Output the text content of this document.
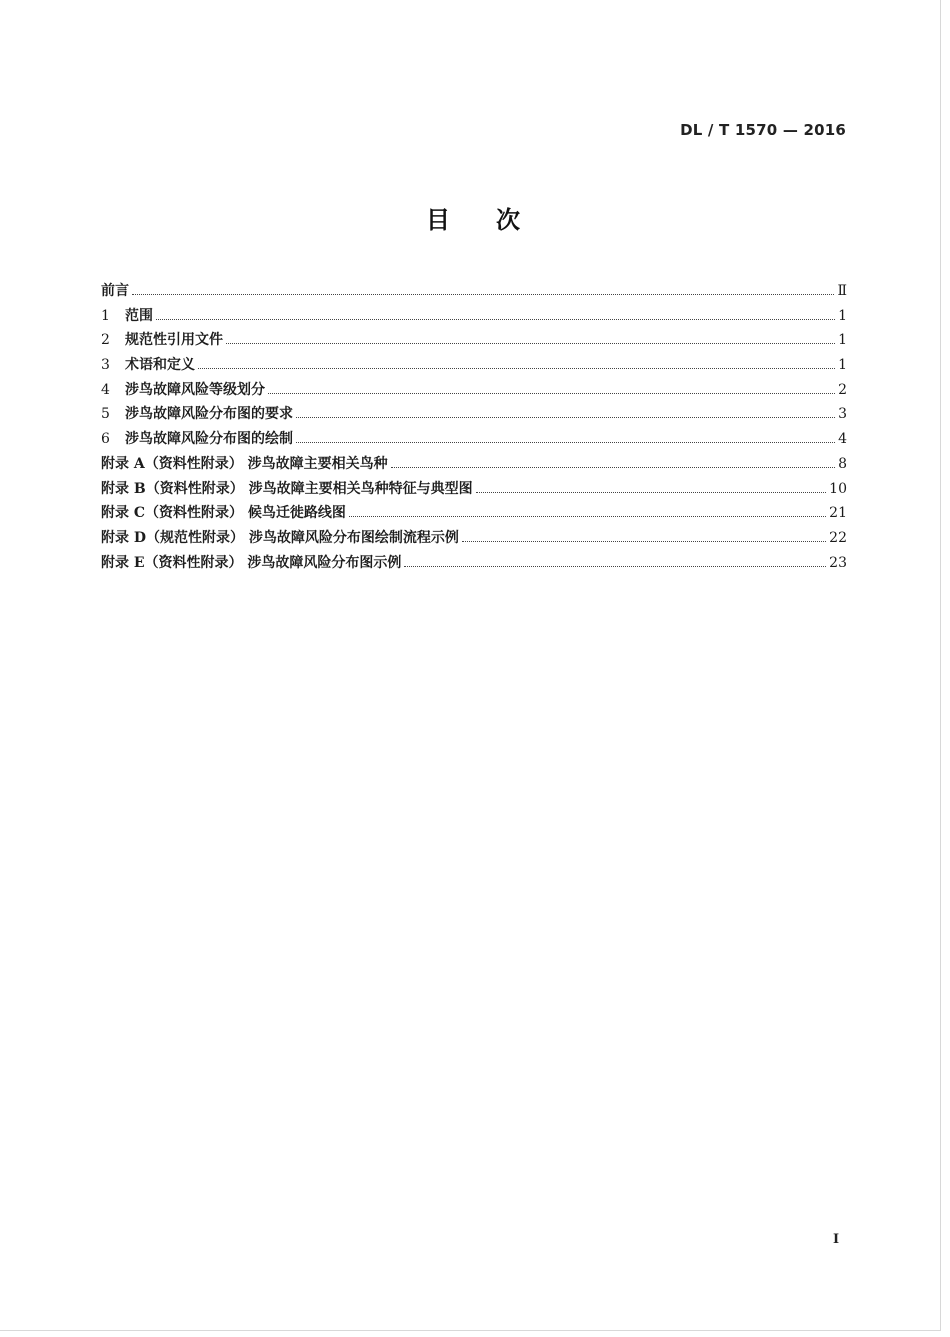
DL / T 1570 — 2016
目次
前言	Ⅱ
1	范围	1
2	规范性引用文件	1
3	术语和定义	1
4	涉鸟故障风险等级划分	2
5	涉鸟故障风险分布图的要求	3
6	涉鸟故障风险分布图的绘制	4
附录 A（资料性附录） 涉鸟故障主要相关鸟种	8
附录 B（资料性附录） 涉鸟故障主要相关鸟种特征与典型图	10
附录 C（资料性附录） 候鸟迁徙路线图	21
附录 D（规范性附录） 涉鸟故障风险分布图绘制流程示例	22
附录 E（资料性附录） 涉鸟故障风险分布图示例	23
I
